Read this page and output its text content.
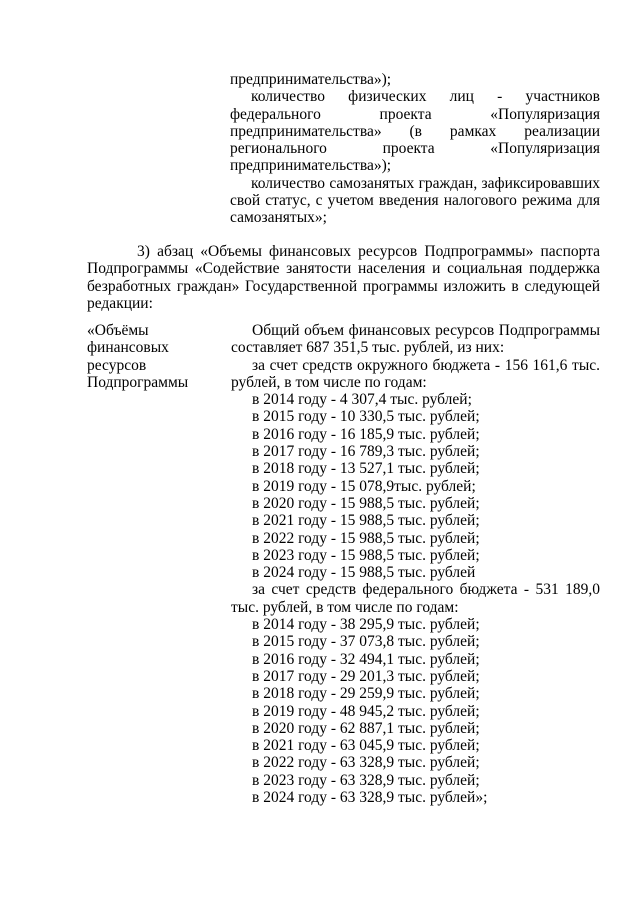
предпринимательства»);

количество физических лиц - участников

федерального проекта «Популяризация

предпринимательства» (в рамках реализации

регионального проекта «Популяризация

предпринимательства»);

количество самозанятых граждан, зафиксировавших

свой статус, с учетом введения налогового режима для

самозанятых»;

3) абзац «Объемы финансовых ресурсов Подпрограммы» паспорта

Подпрограммы «Содействие занятости населения и социальная поддержка

безработных граждан» Государственной программы изложить в следующей

редакции:

«Объёмы
финансовых
ресурсов
Подпрограммы
Общий объем финансовых ресурсов Подпрограммы
составляет 687 351,5 тыс. рублей, из них:
за счет средств окружного бюджета - 156 161,6 тыс.
рублей, в том числе по годам:
в 2014 году - 4 307,4 тыс. рублей;
в 2015 году - 10 330,5 тыс. рублей;
в 2016 году - 16 185,9 тыс. рублей;
в 2017 году - 16 789,3 тыс. рублей;
в 2018 году - 13 527,1 тыс. рублей;
в 2019 году - 15 078,9тыс. рублей;
в 2020 году - 15 988,5 тыс. рублей;
в 2021 году - 15 988,5 тыс. рублей;
в 2022 году - 15 988,5 тыс. рублей;
в 2023 году - 15 988,5 тыс. рублей;
в 2024 году - 15 988,5 тыс. рублей
за счет средств федерального бюджета - 531 189,0
тыс. рублей, в том числе по годам:
в 2014 году - 38 295,9 тыс. рублей;
в 2015 году - 37 073,8 тыс. рублей;
в 2016 году - 32 494,1 тыс. рублей;
в 2017 году - 29 201,3 тыс. рублей;
в 2018 году - 29 259,9 тыс. рублей;
в 2019 году - 48 945,2 тыс. рублей;
в 2020 году - 62 887,1 тыс. рублей;
в 2021 году - 63 045,9 тыс. рублей;
в 2022 году - 63 328,9 тыс. рублей;
в 2023 году - 63 328,9 тыс. рублей;
в 2024 году - 63 328,9 тыс. рублей»;
